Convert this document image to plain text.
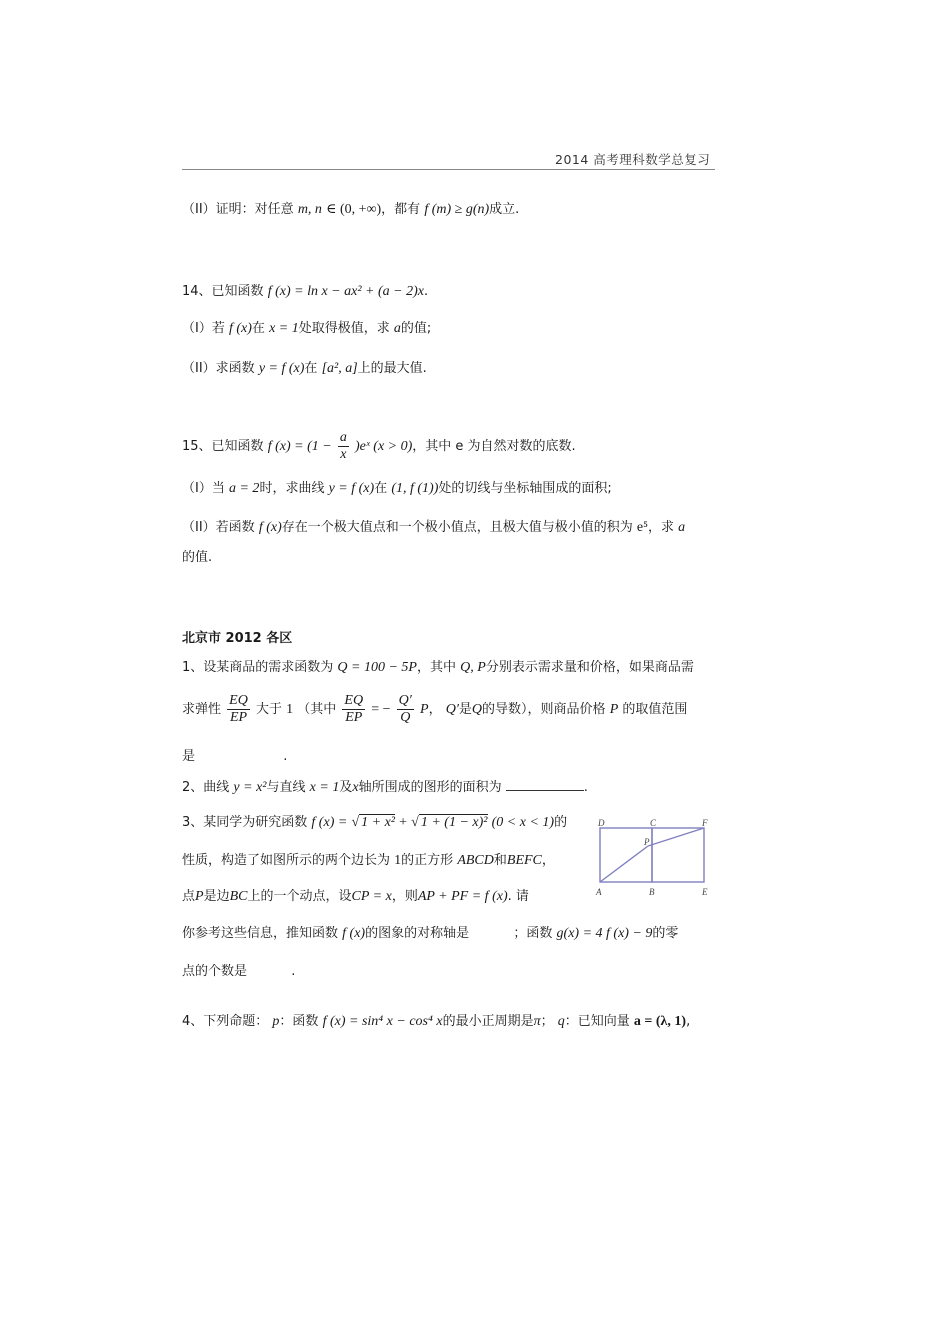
2014 高考理科数学总复习
（II）证明：对任意 m, n ∈ (0, +∞)，都有 f (m) ≥ g(n)成立.
14、已知函数 f (x) = ln x − ax² + (a − 2)x.
（I）若 f (x)在 x = 1处取得极值，求 a的值;
（II）求函数 y = f (x)在 [a², a]上的最大值.
15、已知函数 f $(x) = (1 - \frac{a}{x}$ )eˣ (x > 0)，其中 e 为自然对数的底数.
（I）当 a = 2时，求曲线 y = f (x)在 (1, f (1))处的切线与坐标轴围成的面积;
（II）若函数 f (x)存在一个极大值点和一个极小值点，且极大值与极小值的积为 e⁵，求 a
的值.
北京市 2012 各区
1、设某商品的需求函数为 Q = 100 − 5P，其中 Q, P分别表示需求量和价格，如果商品需
求弹性 $\frac{EQ}{EP}$ 大于 1 （其中 $\frac{EQ}{EP}$ = − $\frac{Q'}{Q}$ P， Q′是Q的导数），则商品价格 P 的取值范围
是	.
2、曲线 y = x²与直线 x = 1及x轴所围成的图形的面积为	.
3、某同学为研究函数 f (x) = √ 1 + x² + √ 1 + (1 − x)² (0 < x < 1)的
性质，构造了如图所示的两个边长为 1的正方形 ABCD和BEFC，
点P是边BC上的一个动点，设CP = x，则AP + PF = f (x). 请
你参考这些信息，推知函数 f (x)的图象的对称轴是	；函数 g(x) = 4 f (x) − 9的零
点的个数是	.
D	C	F
P
A	B	E
4、下列命题： p：函数 f (x) = sin⁴ x − cos⁴ x的最小正周期是π； q：已知向量 a = (λ, 1),
